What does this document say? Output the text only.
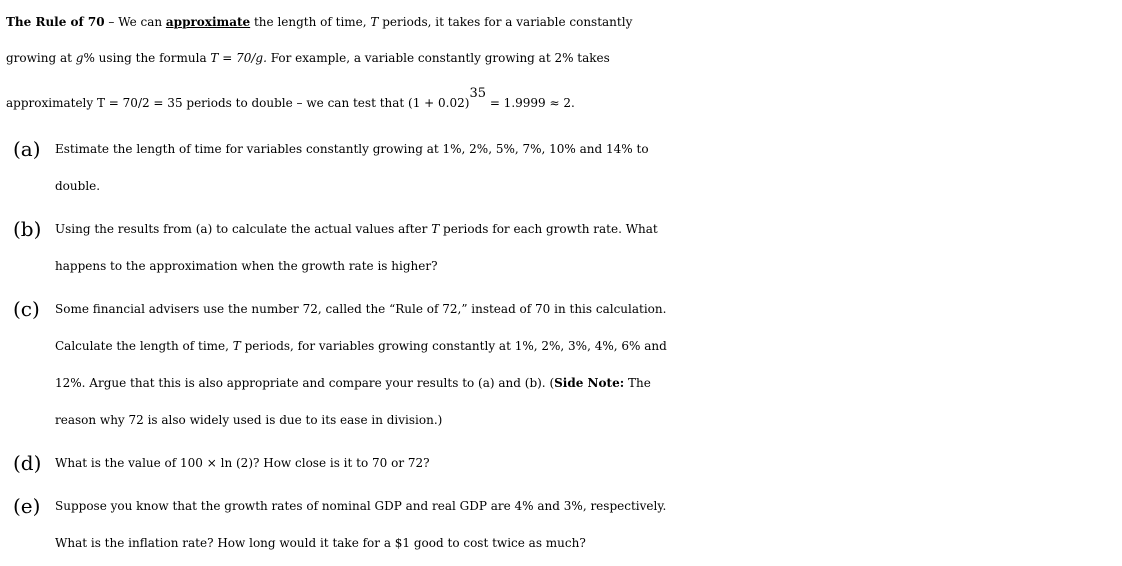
The Rule of 70 – We can approximate the length of time, T periods, it takes for a variable constantly
growing at g% using the formula T = 70/g. For example, a variable constantly growing at 2% takes
approximately T = 70/2 = 35 periods to double – we can test that (1 + 0.02)35 = 1.9999 ≈ 2.
(a) Estimate the length of time for variables constantly growing at 1%, 2%, 5%, 7%, 10% and 14% to
double.
(b) Using the results from (a) to calculate the actual values after T periods for each growth rate. What
happens to the approximation when the growth rate is higher?
(c) Some financial advisers use the number 72, called the “Rule of 72,” instead of 70 in this calculation.
Calculate the length of time, T periods, for variables growing constantly at 1%, 2%, 3%, 4%, 6% and
12%. Argue that this is also appropriate and compare your results to (a) and (b). (Side Note: The
reason why 72 is also widely used is due to its ease in division.)
(d) What is the value of 100 × ln (2)? How close is it to 70 or 72?
(e) Suppose you know that the growth rates of nominal GDP and real GDP are 4% and 3%, respectively.
What is the inflation rate? How long would it take for a $1 good to cost twice as much?
